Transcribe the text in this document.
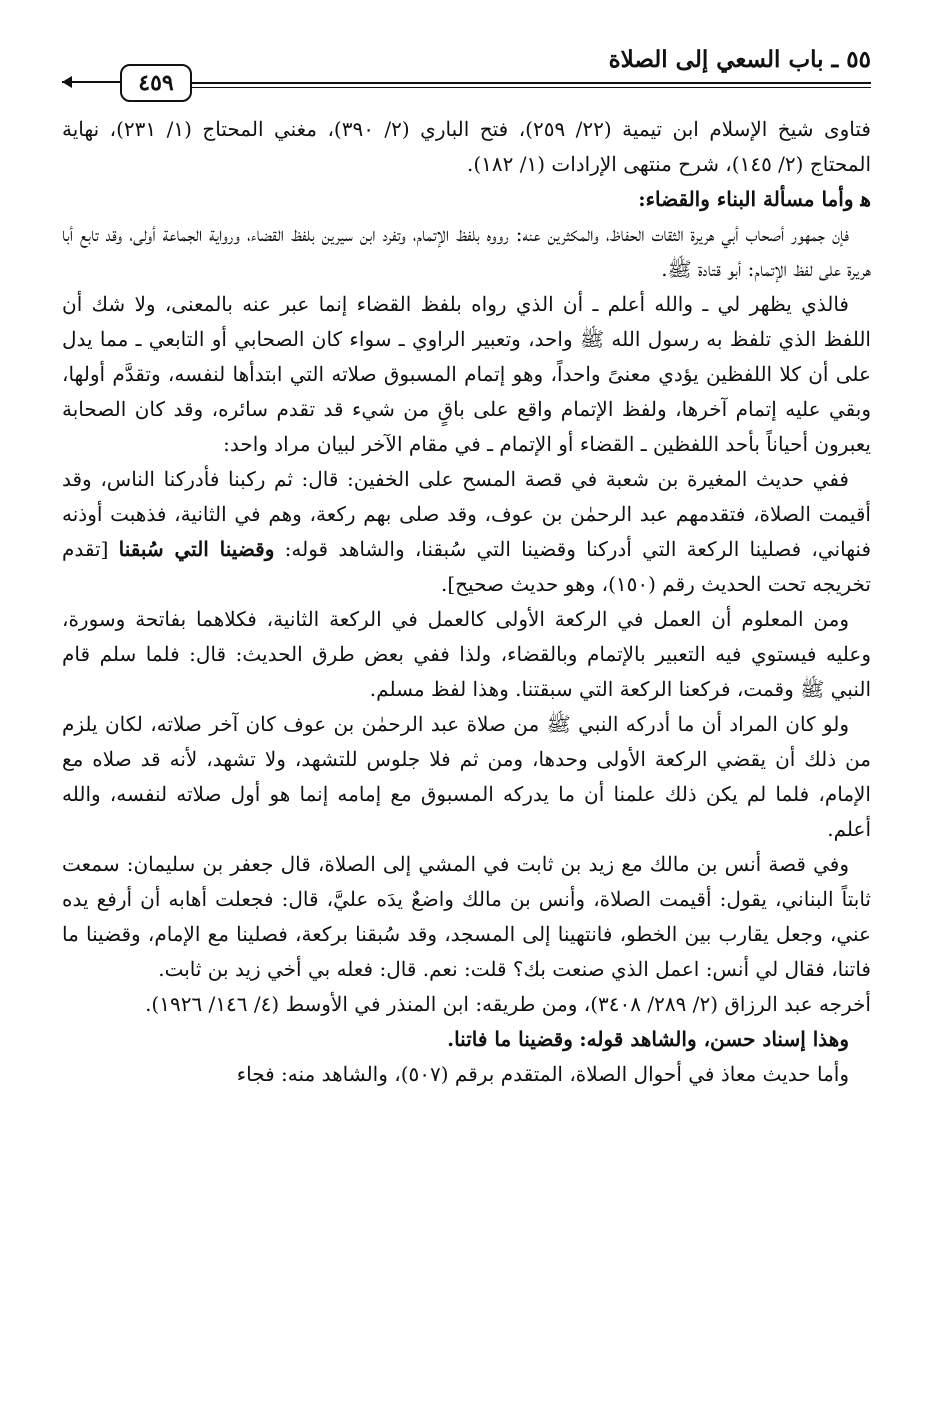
٥٥ ـ باب السعي إلى الصلاة
٤٥٩

فتاوى شيخ الإسلام ابن تيمية (٢٢/ ٢٥٩)، فتح الباري (٢/ ٣٩٠)، مغني المحتاج (١/ ٢٣١)، نهاية المحتاج (٢/ ١٤٥)، شرح منتهى الإرادات (١/ ١٨٢).

ﻫ وأما مسألة البناء والقضاء:

فإن جمهور أصحاب أبي هريرة الثقات الحفاظ، والمكثرين عنه: رووه بلفظ الإتمام، وتفرد ابن سيرين بلفظ القضاء، ورواية الجماعة أولى، وقد تابع أبا هريرة على لفظ الإتمام: أبو قتادة ﷺ.

فالذي يظهر لي ـ والله أعلم ـ أن الذي رواه بلفظ القضاء إنما عبر عنه بالمعنى، ولا شك أن اللفظ الذي تلفظ به رسول الله ﷺ واحد، وتعبير الراوي ـ سواء كان الصحابي أو التابعي ـ مما يدل على أن كلا اللفظين يؤدي معنىً واحداً، وهو إتمام المسبوق صلاته التي ابتدأها لنفسه، وتقدَّم أولها، وبقي عليه إتمام آخرها، ولفظ الإتمام واقع على باقٍ من شيء قد تقدم سائره، وقد كان الصحابة يعبرون أحياناً بأحد اللفظين ـ القضاء أو الإتمام ـ في مقام الآخر لبيان مراد واحد:

ففي حديث المغيرة بن شعبة في قصة المسح على الخفين: قال: ثم ركبنا فأدركنا الناس، وقد أقيمت الصلاة، فتقدمهم عبد الرحمٰن بن عوف، وقد صلى بهم ركعة، وهم في الثانية، فذهبت أوذنه فنهاني، فصلينا الركعة التي أدركنا وقضينا التي سُبقنا، والشاهد قوله: وقضينا التي سُبقنا [تقدم تخريجه تحت الحديث رقم (١٥٠)، وهو حديث صحيح].

ومن المعلوم أن العمل في الركعة الأولى كالعمل في الركعة الثانية، فكلاهما بفاتحة وسورة، وعليه فيستوي فيه التعبير بالإتمام وبالقضاء، ولذا ففي بعض طرق الحديث: قال: فلما سلم قام النبي ﷺ وقمت، فركعنا الركعة التي سبقتنا. وهذا لفظ مسلم.

ولو كان المراد أن ما أدركه النبي ﷺ من صلاة عبد الرحمٰن بن عوف كان آخر صلاته، لكان يلزم من ذلك أن يقضي الركعة الأولى وحدها، ومن ثم فلا جلوس للتشهد، ولا تشهد، لأنه قد صلاه مع الإمام، فلما لم يكن ذلك علمنا أن ما يدركه المسبوق مع إمامه إنما هو أول صلاته لنفسه، والله أعلم.

وفي قصة أنس بن مالك مع زيد بن ثابت في المشي إلى الصلاة، قال جعفر بن سليمان: سمعت ثابتاً البناني، يقول: أقيمت الصلاة، وأنس بن مالك واضعٌ يدَه عليَّ، قال: فجعلت أهابه أن أرفع يده عني، وجعل يقارب بين الخطو، فانتهينا إلى المسجد، وقد سُبقنا بركعة، فصلينا مع الإمام، وقضينا ما فاتنا، فقال لي أنس: اعمل الذي صنعت بك؟ قلت: نعم. قال: فعله بي أخي زيد بن ثابت.

أخرجه عبد الرزاق (٢/ ٢٨٩/ ٣٤٠٨)، ومن طريقه: ابن المنذر في الأوسط (٤/ ١٤٦/ ١٩٢٦).

وهذا إسناد حسن، والشاهد قوله: وقضينا ما فاتنا.

وأما حديث معاذ في أحوال الصلاة، المتقدم برقم (٥٠٧)، والشاهد منه: فجاء
